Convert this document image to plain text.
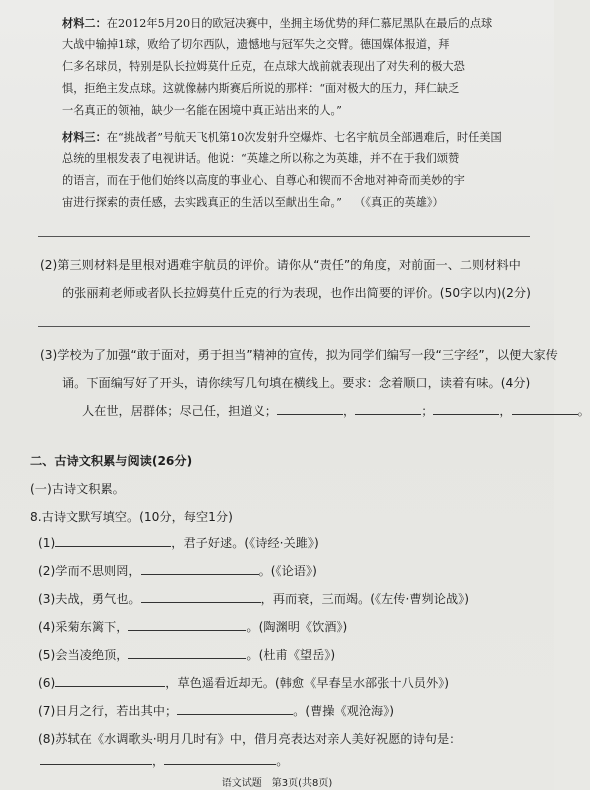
材料二：在2012年5月20日的欧冠决赛中，坐拥主场优势的拜仁慕尼黑队在最后的点球
大战中输掉1球，败给了切尔西队，遗憾地与冠军失之交臂。德国媒体报道，拜
仁多名球员，特别是队长拉姆莫什丘克，在点球大战前就表现出了对失利的极大恐
惧，拒绝主发点球。这就像赫内斯赛后所说的那样：“面对极大的压力，拜仁缺乏
一名真正的领袖，缺少一名能在困境中真正站出来的人。”
材料三：在“挑战者”号航天飞机第10次发射升空爆炸、七名宇航员全部遇难后，时任美国
总统的里根发表了电视讲话。他说：“英雄之所以称之为英雄，并不在于我们颂赞
的语言，而在于他们始终以高度的事业心、自尊心和锲而不舍地对神奇而美妙的宇
宙进行探索的责任感，去实践真正的生活以至献出生命。” （《真正的英雄》）
(2)第三则材料是里根对遇难宇航员的评价。请你从“责任”的角度，对前面一、二则材料中
的张丽莉老师或者队长拉姆莫什丘克的行为表现，也作出简要的评价。(50字以内)(2分)
(3)学校为了加强“敢于面对，勇于担当”精神的宣传，拟为同学们编写一段“三字经”，以便大家传
诵。下面编写好了开头，请你续写几句填在横线上。要求：念着顺口，读着有味。(4分)
人在世，居群体；尽己任，担道义；	，	；	，	。
二、古诗文积累与阅读(26分)
(一)古诗文积累。
8.古诗文默写填空。(10分，每空1分)
(1)	，君子好逑。(《诗经·关雎》)
(2)学而不思则罔，	。(《论语》)
(3)夫战，勇气也。	，再而衰，三而竭。(《左传·曹刿论战》)
(4)采菊东篱下，	。(陶渊明《饮酒》)
(5)会当凌绝顶，	。(杜甫《望岳》)
(6)	，草色遥看近却无。(韩愈《早春呈水部张十八员外》)
(7)日月之行，若出其中；	。(曹操《观沧海》)
(8)苏轼在《水调歌头·明月几时有》中，借月亮表达对亲人美好祝愿的诗句是：
，	。
语文试题　第3页(共8页)
